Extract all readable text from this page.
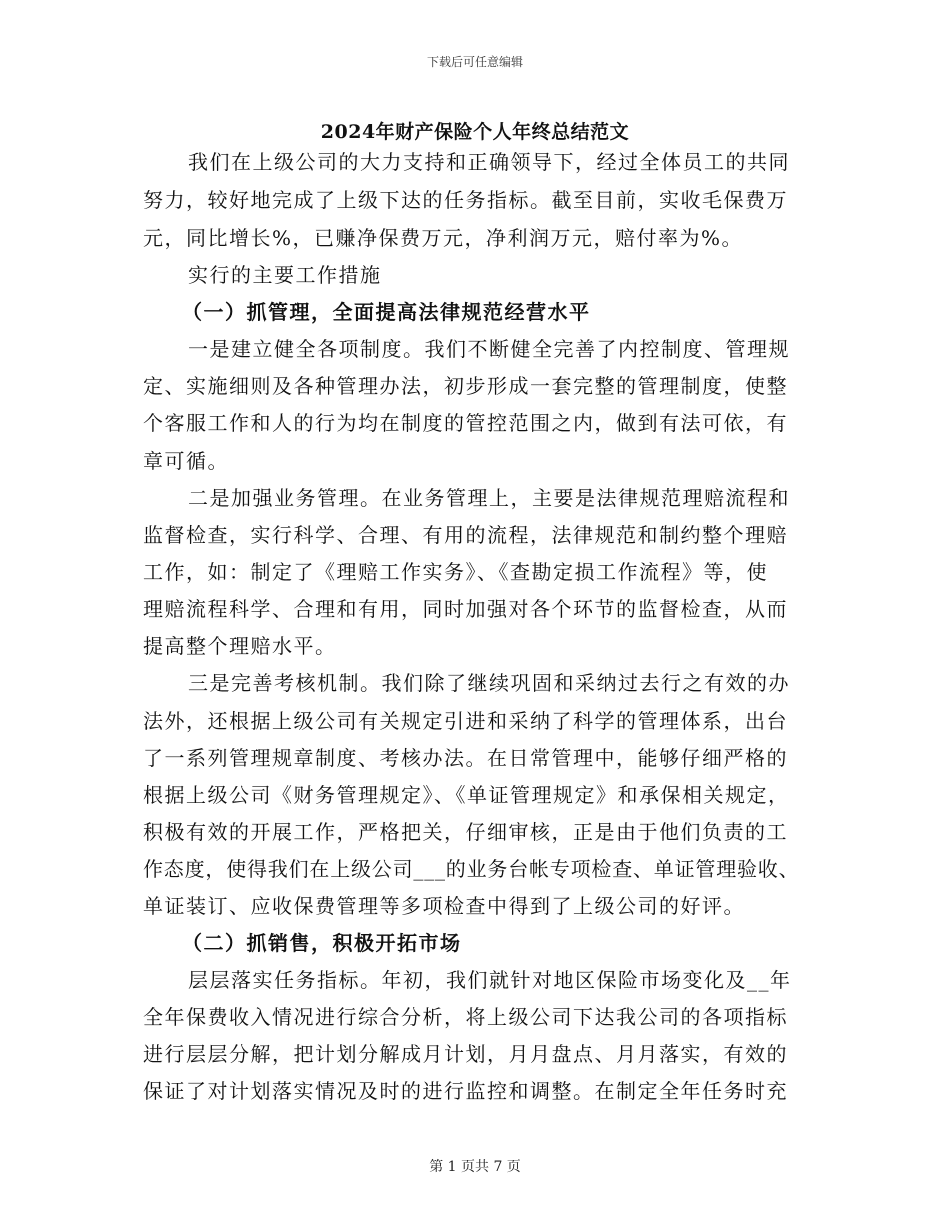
下载后可任意编辑
2024年财产保险个人年终总结范文
我们在上级公司的大力支持和正确领导下，经过全体员工的共同
努力，较好地完成了上级下达的任务指标。截至目前，实收毛保费万
元，同比增长%，已赚净保费万元，净利润万元，赔付率为%。
实行的主要工作措施
（一）抓管理，全面提高法律规范经营水平
一是建立健全各项制度。我们不断健全完善了内控制度、管理规
定、实施细则及各种管理办法，初步形成一套完整的管理制度，使整
个客服工作和人的行为均在制度的管控范围之内，做到有法可依，有
章可循。
二是加强业务管理。在业务管理上，主要是法律规范理赔流程和
监督检查，实行科学、合理、有用的流程，法律规范和制约整个理赔
工作，如：制定了《理赔工作实务》、《查勘定损工作流程》等，使
理赔流程科学、合理和有用，同时加强对各个环节的监督检查，从而
提高整个理赔水平。
三是完善考核机制。我们除了继续巩固和采纳过去行之有效的办
法外，还根据上级公司有关规定引进和采纳了科学的管理体系，出台
了一系列管理规章制度、考核办法。在日常管理中，能够仔细严格的
根据上级公司《财务管理规定》、《单证管理规定》和承保相关规定，
积极有效的开展工作，严格把关，仔细审核，正是由于他们负责的工
作态度，使得我们在上级公司___的业务台帐专项检查、单证管理验收、
单证装订、应收保费管理等多项检查中得到了上级公司的好评。
（二）抓销售，积极开拓市场
层层落实任务指标。年初，我们就针对地区保险市场变化及__年
全年保费收入情况进行综合分析，将上级公司下达我公司的各项指标
进行层层分解，把计划分解成月计划，月月盘点、月月落实，有效的
保证了对计划落实情况及时的进行监控和调整。在制定全年任务时充
第 1 页共 7 页
